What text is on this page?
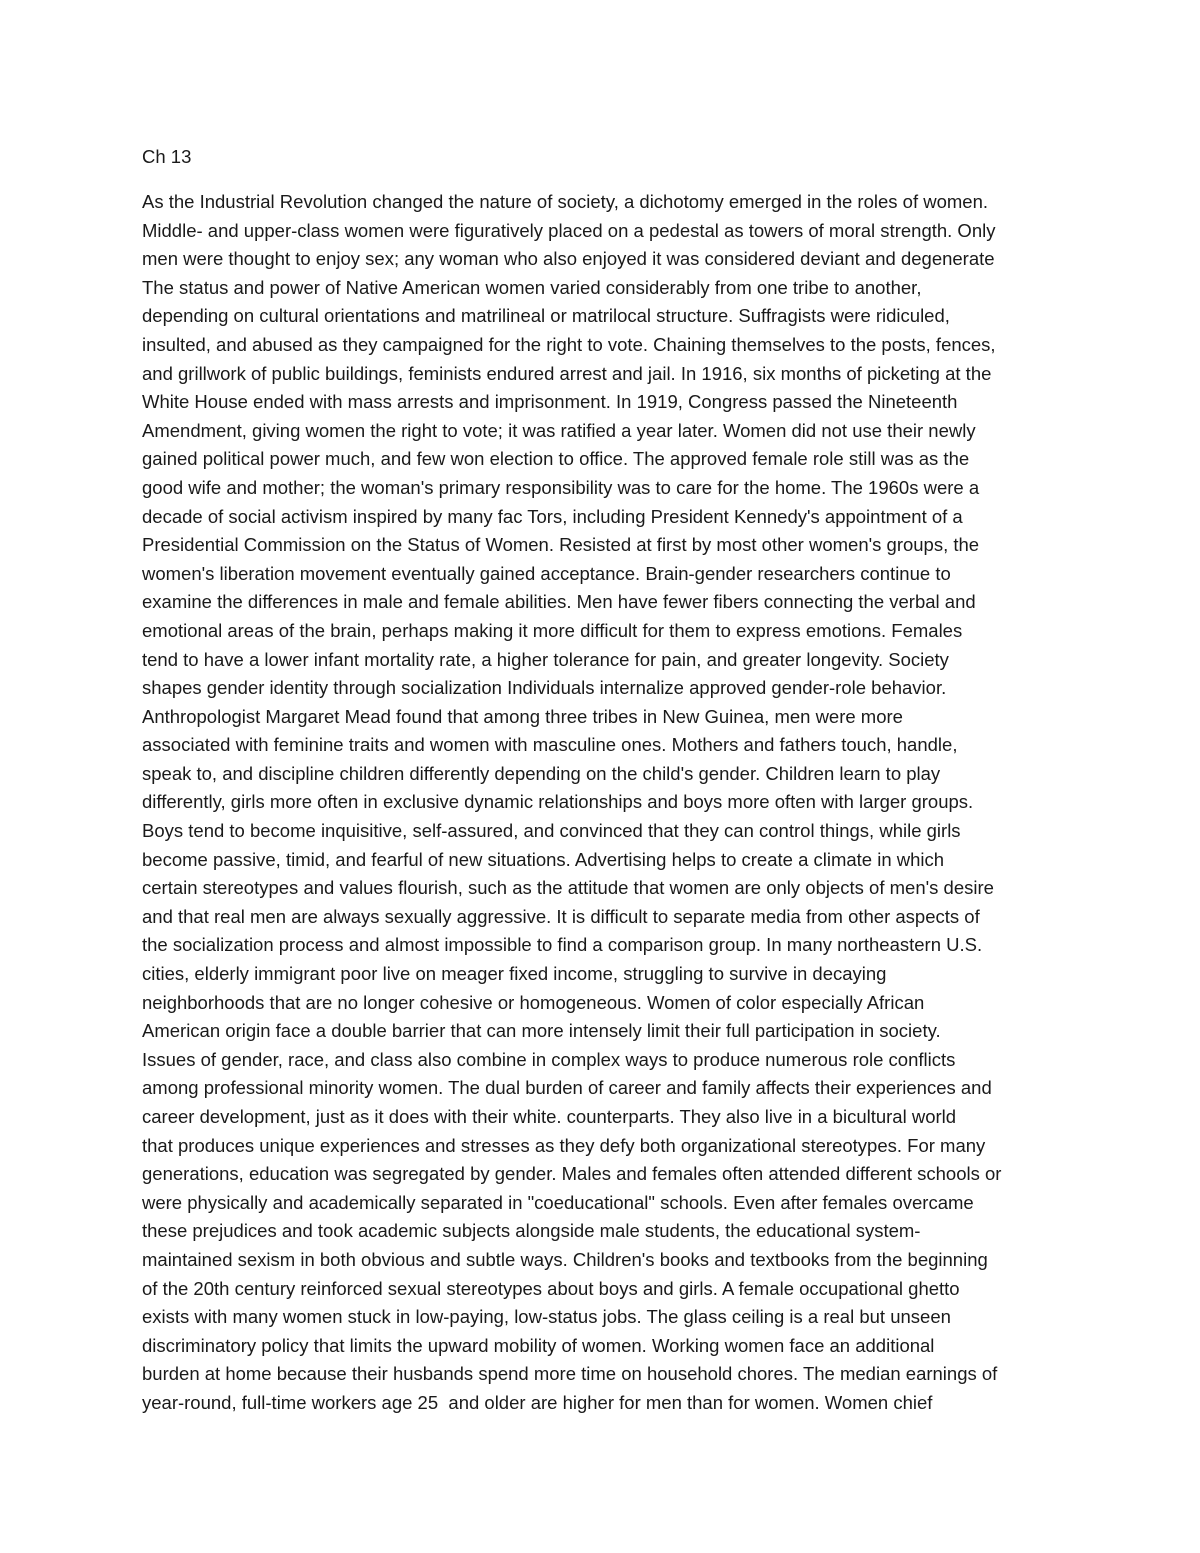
Ch 13
As the Industrial Revolution changed the nature of society, a dichotomy emerged in the roles of women.
Middle- and upper-class women were figuratively placed on a pedestal as towers of moral strength. Only
men were thought to enjoy sex; any woman who also enjoyed it was considered deviant and degenerate
The status and power of Native American women varied considerably from one tribe to another,
depending on cultural orientations and matrilineal or matrilocal structure. Suffragists were ridiculed,
insulted, and abused as they campaigned for the right to vote. Chaining themselves to the posts, fences,
and grillwork of public buildings, feminists endured arrest and jail. In 1916, six months of picketing at the
White House ended with mass arrests and imprisonment. In 1919, Congress passed the Nineteenth
Amendment, giving women the right to vote; it was ratified a year later. Women did not use their newly
gained political power much, and few won election to office. The approved female role still was as the
good wife and mother; the woman's primary responsibility was to care for the home. The 1960s were a
decade of social activism inspired by many fac Tors, including President Kennedy's appointment of a
Presidential Commission on the Status of Women. Resisted at first by most other women's groups, the
women's liberation movement eventually gained acceptance. Brain-gender researchers continue to
examine the differences in male and female abilities. Men have fewer fibers connecting the verbal and
emotional areas of the brain, perhaps making it more difficult for them to express emotions. Females
tend to have a lower infant mortality rate, a higher tolerance for pain, and greater longevity. Society
shapes gender identity through socialization Individuals internalize approved gender-role behavior.
Anthropologist Margaret Mead found that among three tribes in New Guinea, men were more
associated with feminine traits and women with masculine ones. Mothers and fathers touch, handle,
speak to, and discipline children differently depending on the child's gender. Children learn to play
differently, girls more often in exclusive dynamic relationships and boys more often with larger groups.
Boys tend to become inquisitive, self-assured, and convinced that they can control things, while girls
become passive, timid, and fearful of new situations. Advertising helps to create a climate in which
certain stereotypes and values flourish, such as the attitude that women are only objects of men's desire
and that real men are always sexually aggressive. It is difficult to separate media from other aspects of
the socialization process and almost impossible to find a comparison group. In many northeastern U.S.
cities, elderly immigrant poor live on meager fixed income, struggling to survive in decaying
neighborhoods that are no longer cohesive or homogeneous. Women of color especially African
American origin face a double barrier that can more intensely limit their full participation in society.
Issues of gender, race, and class also combine in complex ways to produce numerous role conflicts
among professional minority women. The dual burden of career and family affects their experiences and
career development, just as it does with their white. counterparts. They also live in a bicultural world
that produces unique experiences and stresses as they defy both organizational stereotypes. For many
generations, education was segregated by gender. Males and females often attended different schools or
were physically and academically separated in "coeducational" schools. Even after females overcame
these prejudices and took academic subjects alongside male students, the educational system-
maintained sexism in both obvious and subtle ways. Children's books and textbooks from the beginning
of the 20th century reinforced sexual stereotypes about boys and girls. A female occupational ghetto
exists with many women stuck in low-paying, low-status jobs. The glass ceiling is a real but unseen
discriminatory policy that limits the upward mobility of women. Working women face an additional
burden at home because their husbands spend more time on household chores. The median earnings of
year-round, full-time workers age 25  and older are higher for men than for women. Women chief
